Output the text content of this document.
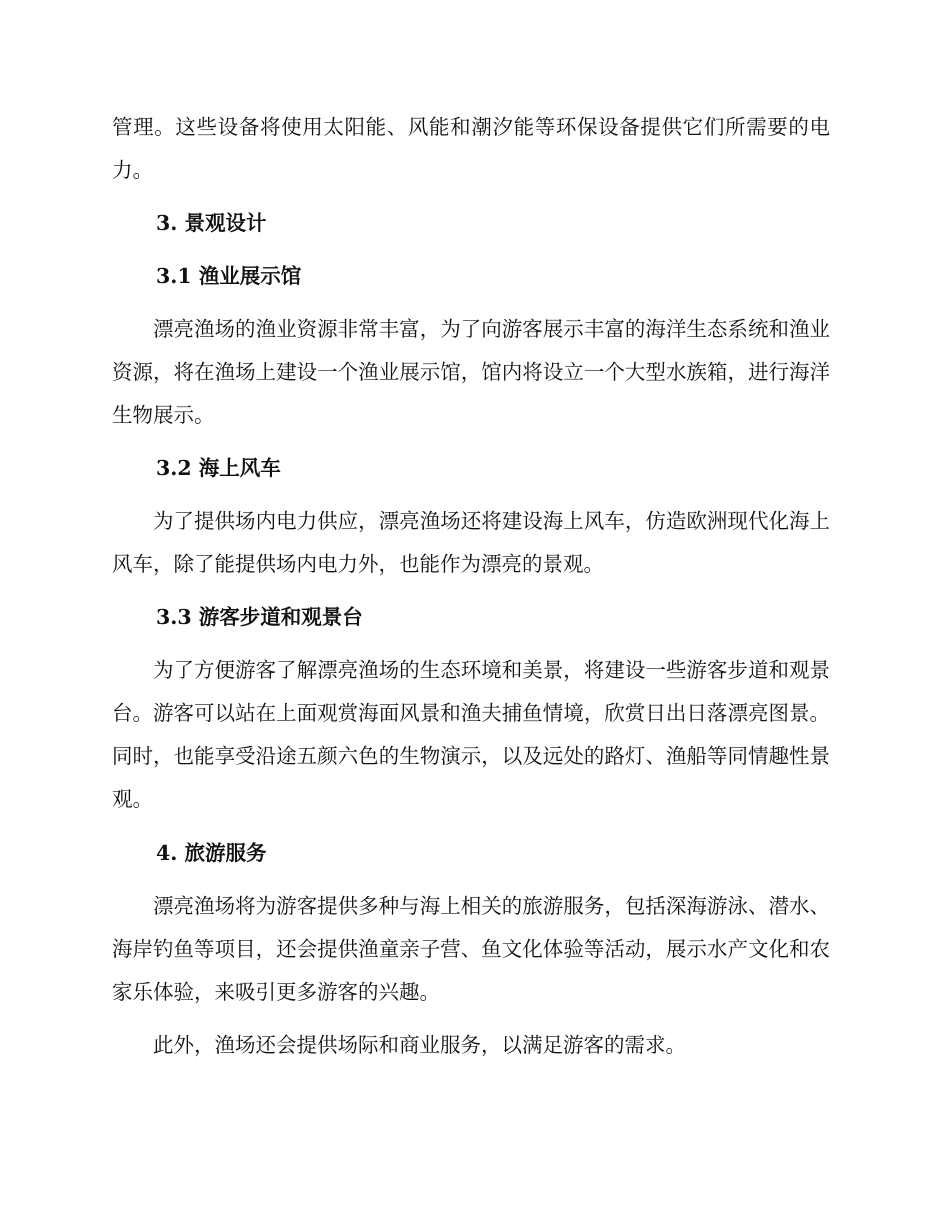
管理。这些设备将使用太阳能、风能和潮汐能等环保设备提供它们所需要的电力。

3. 景观设计
3.1 渔业展示馆

漂亮渔场的渔业资源非常丰富，为了向游客展示丰富的海洋生态系统和渔业资源，将在渔场上建设一个渔业展示馆，馆内将设立一个大型水族箱，进行海洋生物展示。

3.2 海上风车

为了提供场内电力供应，漂亮渔场还将建设海上风车，仿造欧洲现代化海上风车，除了能提供场内电力外，也能作为漂亮的景观。

3.3 游客步道和观景台

为了方便游客了解漂亮渔场的生态环境和美景，将建设一些游客步道和观景台。游客可以站在上面观赏海面风景和渔夫捕鱼情境，欣赏日出日落漂亮图景。同时，也能享受沿途五颜六色的生物演示，以及远处的路灯、渔船等同情趣性景观。

4. 旅游服务

漂亮渔场将为游客提供多种与海上相关的旅游服务，包括深海游泳、潜水、海岸钓鱼等项目，还会提供渔童亲子营、鱼文化体验等活动，展示水产文化和农家乐体验，来吸引更多游客的兴趣。

此外，渔场还会提供场际和商业服务，以满足游客的需求。
